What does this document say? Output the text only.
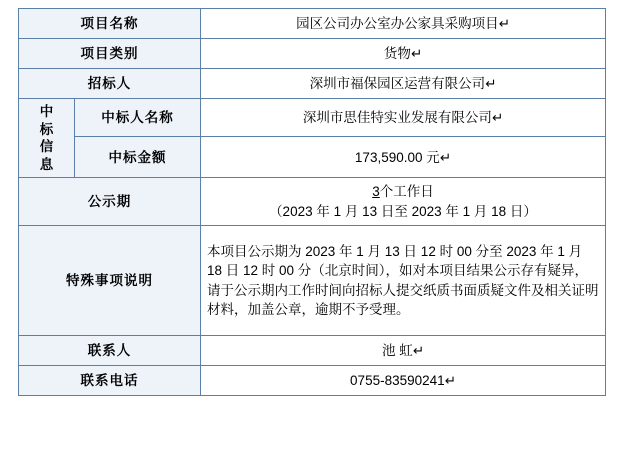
项目名称		园区公司办公室办公家具采购项目↵
项目类别		货物↵
招标人		深圳市福保园区运营有限公司↵

中标信息	中标人名称	深圳市思佳特实业发展有限公司↵
	中标金额	173,590.00 元↵
公示期		3个工作日
（2023 年 1 月 13 日至 2023 年 1 月 18 日）

特殊事项说明		本项目公示期为 2023 年 1 月 13 日 12 时 00 分至 2023 年 1 月 18 日 12 时 00 分（北京时间），如对本项目结果公示存有疑异，请于公示期内工作时间向招标人提交纸质书面质疑文件及相关证明材料，加盖公章，逾期不予受理。
联系人		池 虹↵
联系电话		0755-83590241↵
